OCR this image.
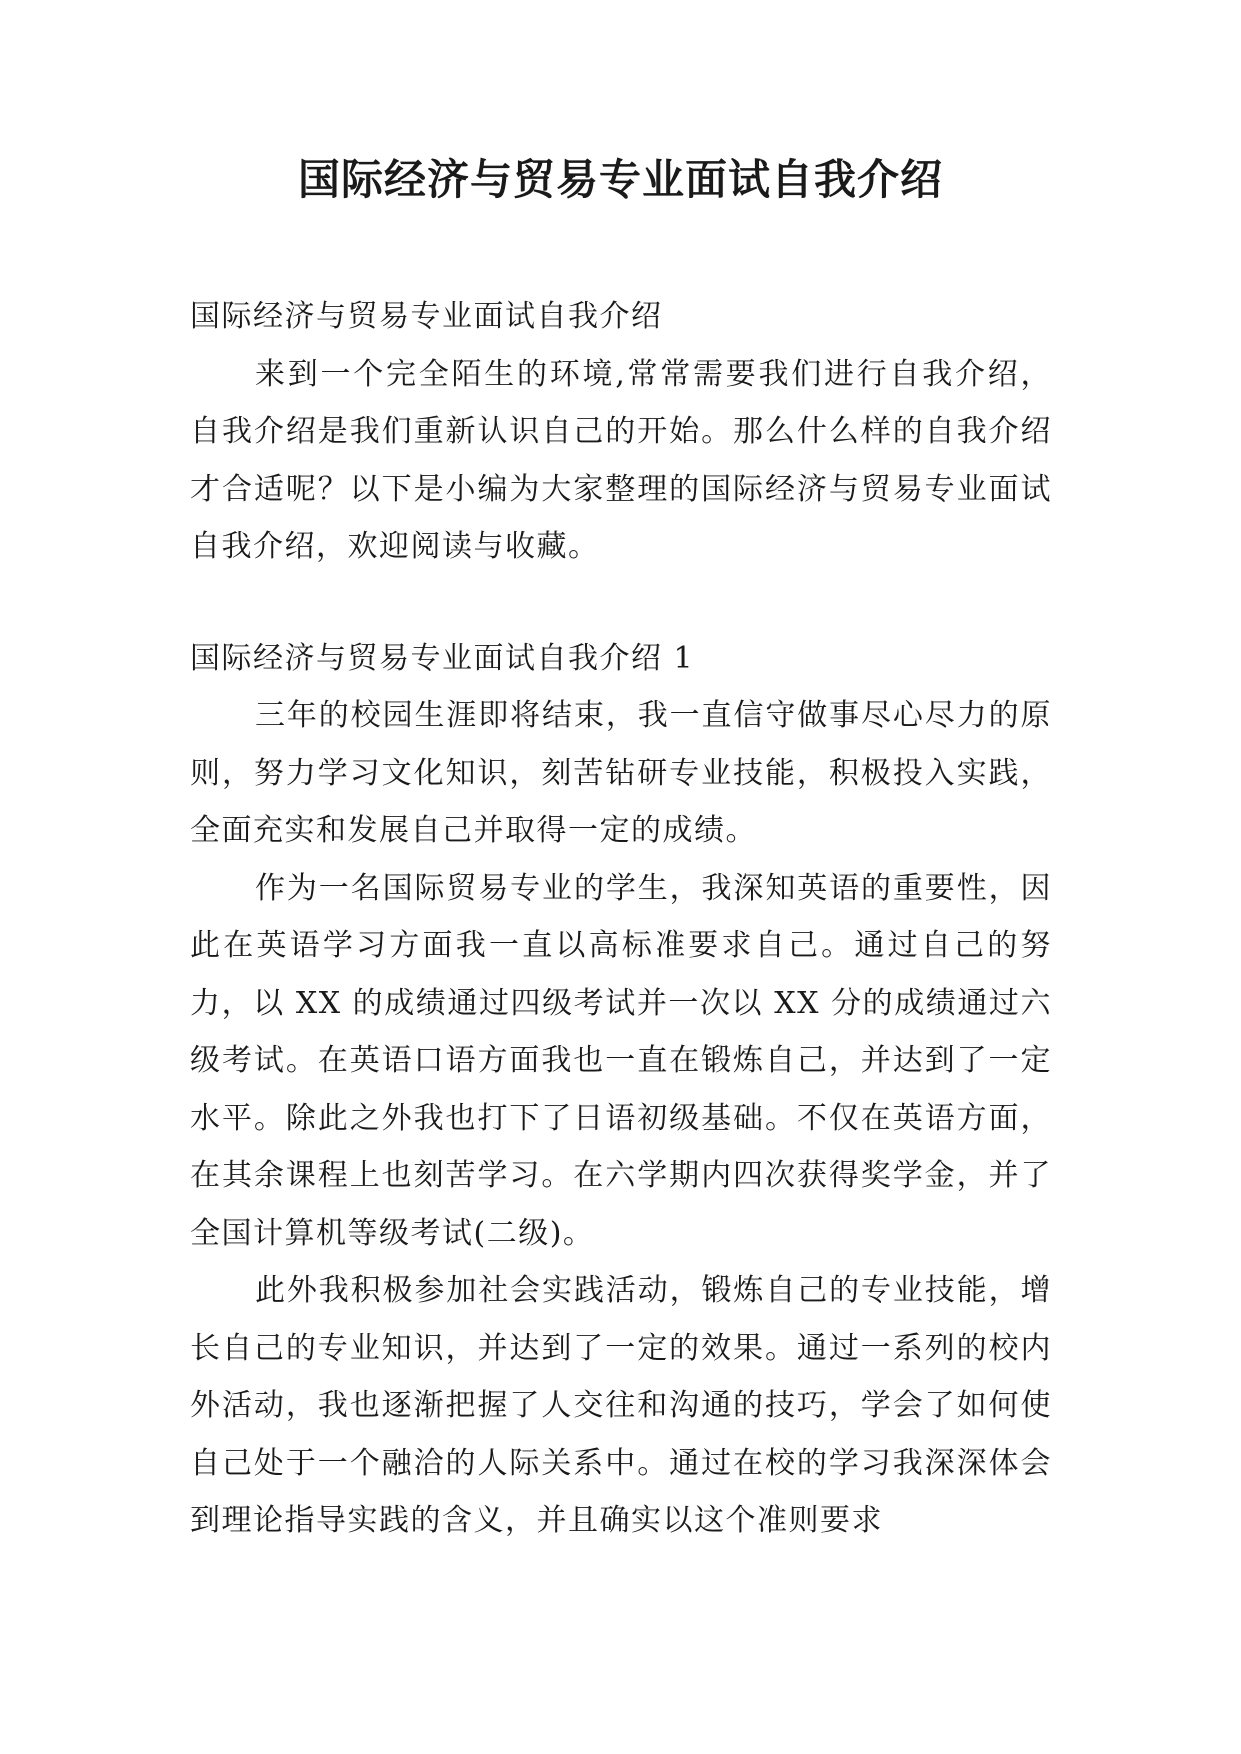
国际经济与贸易专业面试自我介绍

国际经济与贸易专业面试自我介绍

来到一个完全陌生的环境,常常需要我们进行自我介绍，自我介绍是我们重新认识自己的开始。那么什么样的自我介绍才合适呢？以下是小编为大家整理的国际经济与贸易专业面试自我介绍，欢迎阅读与收藏。

国际经济与贸易专业面试自我介绍 1

三年的校园生涯即将结束，我一直信守做事尽心尽力的原则，努力学习文化知识，刻苦钻研专业技能，积极投入实践，全面充实和发展自己并取得一定的成绩。

作为一名国际贸易专业的学生，我深知英语的重要性，因此在英语学习方面我一直以高标准要求自己。通过自己的努力，以 XX 的成绩通过四级考试并一次以 XX 分的成绩通过六级考试。在英语口语方面我也一直在锻炼自己，并达到了一定水平。除此之外我也打下了日语初级基础。不仅在英语方面，在其余课程上也刻苦学习。在六学期内四次获得奖学金，并了全国计算机等级考试(二级)。

此外我积极参加社会实践活动，锻炼自己的专业技能，增长自己的专业知识，并达到了一定的效果。通过一系列的校内外活动，我也逐渐把握了人交往和沟通的技巧，学会了如何使自己处于一个融洽的人际关系中。通过在校的学习我深深体会到理论指导实践的含义，并且确实以这个准则要求
